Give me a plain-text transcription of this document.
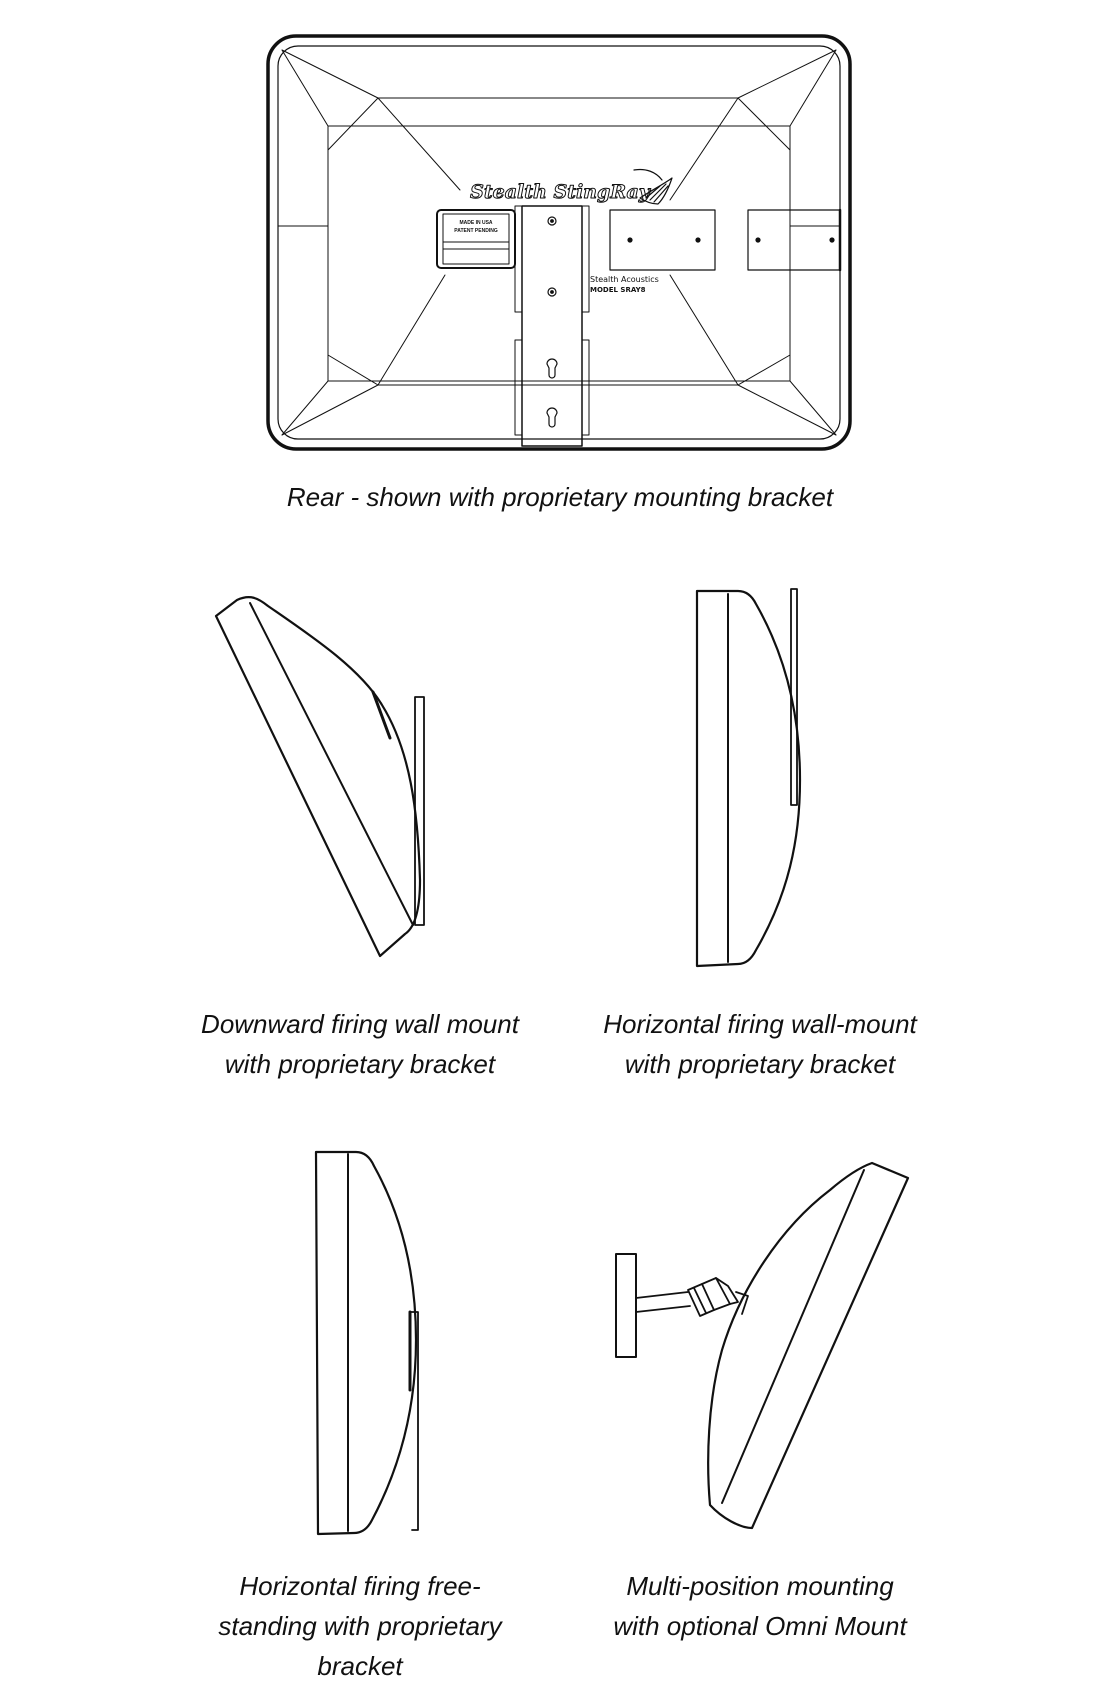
Stealth StingRay
MADE IN USA
PATENT PENDING
Stealth Acoustics
MODEL SRAY8
Rear - shown with proprietary mounting bracket
Downward firing wall mount
with proprietary bracket
Horizontal firing wall-mount
with proprietary bracket
Horizontal firing free-
standing with proprietary
bracket
Multi-position mounting
with optional Omni Mount
